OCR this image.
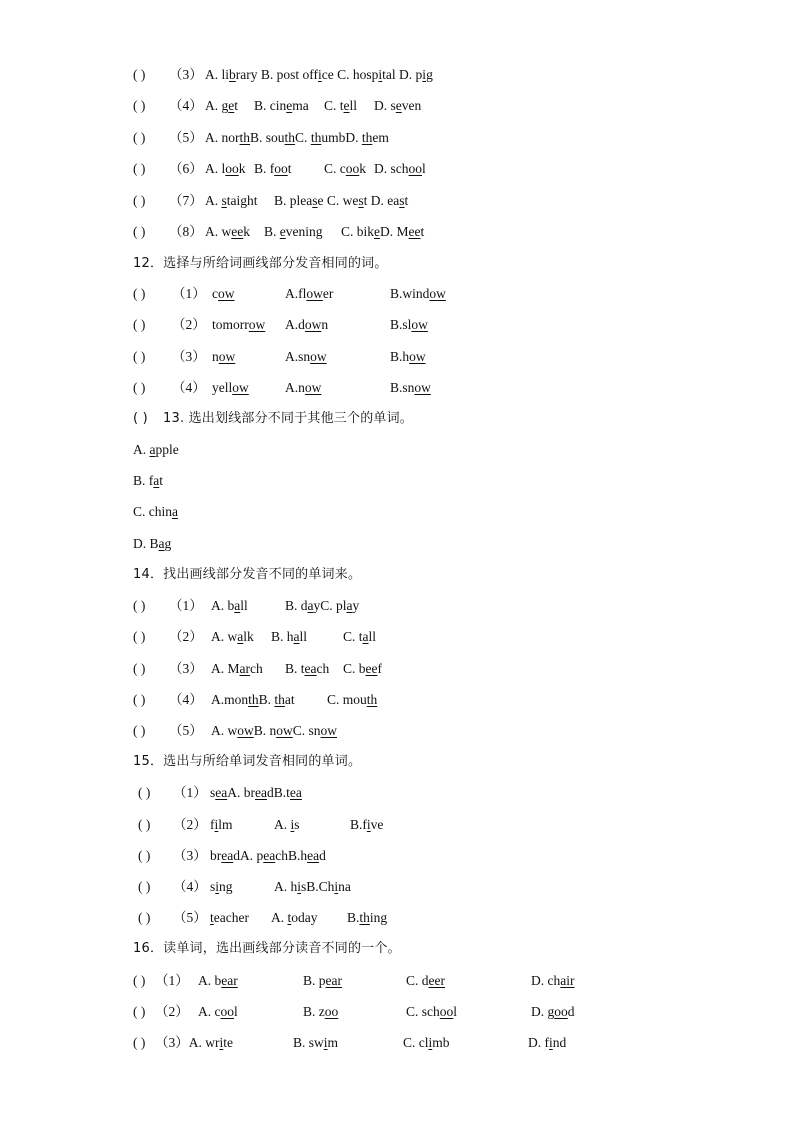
( ) （3） A. library B. post office C. hospital D. pig
( ) （4） A. get B. cinema C. tell D. seven
( ) （5） A. northB. southC. thumbD. them
( ) （6） A. look B. foot C. cook D. school
( ) （7） A. staight B. please C. west D. east
( ) （8） A. week B. evening C. bikeD. Meet
12．选择与所给词画线部分发音相同的词。
( ) （1） cow	A.flower	B.window
( ) （2） tomorrow A.down	B.slow
( ) （3） now	A.snow	B.how
( ) （4） yellow	A.now	B.snow
( ) 13. 选出划线部分不同于其他三个的单词。
A. apple
B. fat
C. china
D. Bag
14．找出画线部分发音不同的单词来。
( ) （1） A. ball	B. dayC. play
( ) （2） A. walk B. hall	C. tall
( ) （3） A. March B. teach C. beef
( ) （4） A.monthB. that C. mouth
( ) （5） A. wowB. nowC. snow
15．选出与所给单词发音相同的单词。
( ) （1） seaA. breadB.tea
( ) （2） film	A. is	B.five
( ) （3） breadA. peachB.head
( ) （4） sing	A. hisB.China
( ) （5） teacher A. today B.thing
16．读单词，选出画线部分读音不同的一个。
( ) （1） A. bear	B. pear	C. deer	D. chair
( ) （2） A. cool	B. zoo	C. school	D. good
( ) （3）A. write	B. swim	C. climb	D. find
